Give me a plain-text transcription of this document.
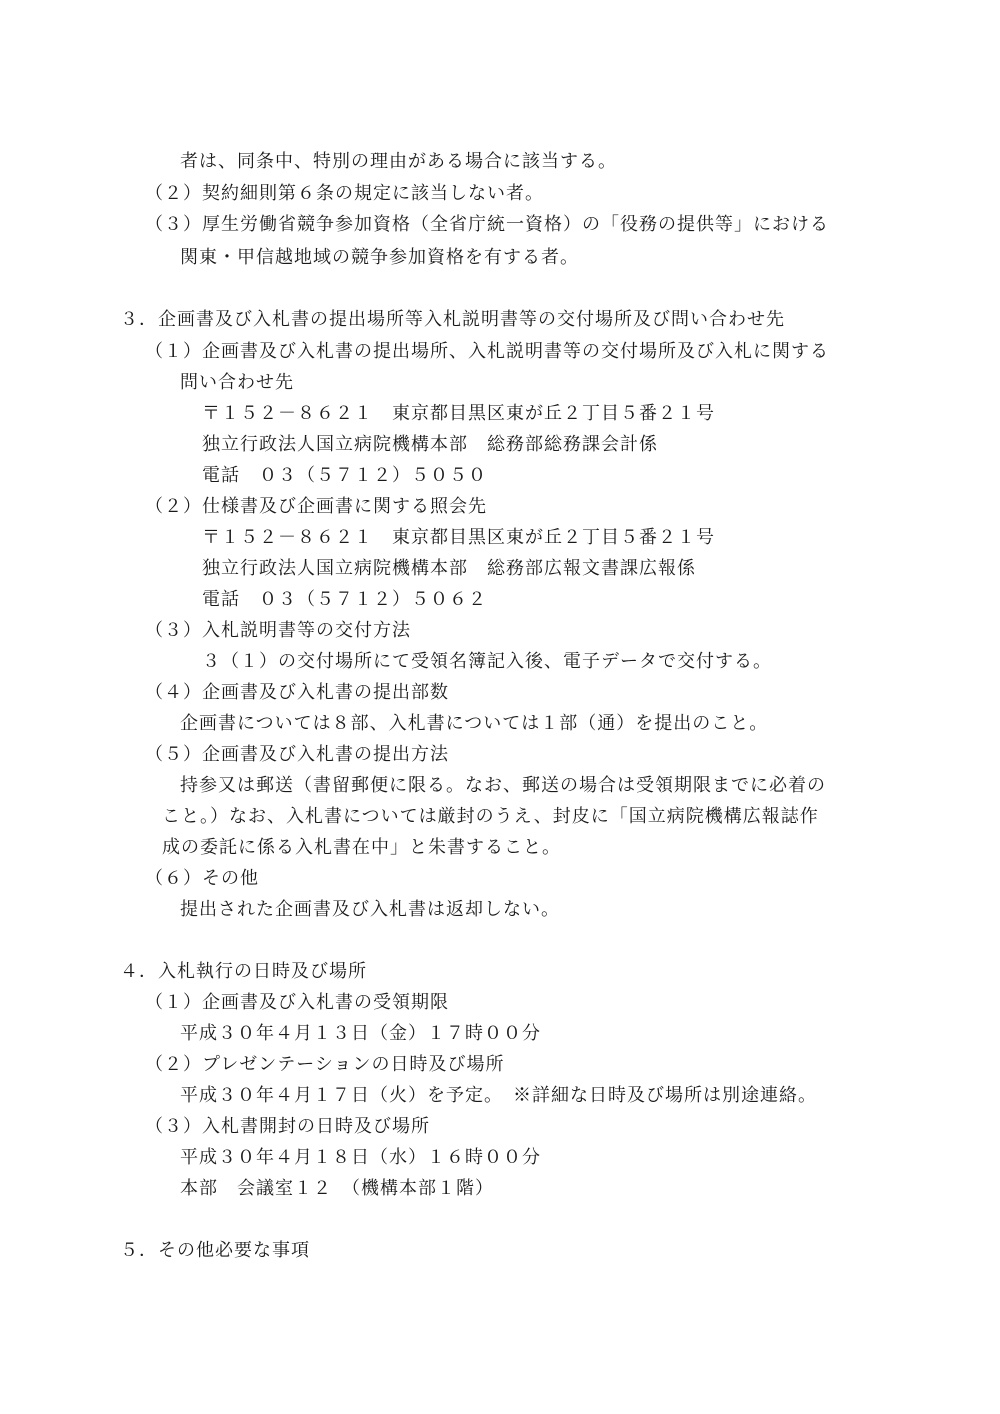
者は、同条中、特別の理由がある場合に該当する。
（２）契約細則第６条の規定に該当しない者。
（３）厚生労働省競争参加資格（全省庁統一資格）の「役務の提供等」における
関東・甲信越地域の競争参加資格を有する者。
３．企画書及び入札書の提出場所等入札説明書等の交付場所及び問い合わせ先
（１）企画書及び入札書の提出場所、入札説明書等の交付場所及び入札に関する
問い合わせ先
〒１５２－８６２１　東京都目黒区東が丘２丁目５番２１号
独立行政法人国立病院機構本部　総務部総務課会計係
電話　０３（５７１２）５０５０
（２）仕様書及び企画書に関する照会先
〒１５２－８６２１　東京都目黒区東が丘２丁目５番２１号
独立行政法人国立病院機構本部　総務部広報文書課広報係
電話　０３（５７１２）５０６２
（３）入札説明書等の交付方法
３（１）の交付場所にて受領名簿記入後、電子データで交付する。
（４）企画書及び入札書の提出部数
企画書については８部、入札書については１部（通）を提出のこと。
（５）企画書及び入札書の提出方法
持参又は郵送（書留郵便に限る。なお、郵送の場合は受領期限までに必着の
こと。）なお、入札書については厳封のうえ、封皮に「国立病院機構広報誌作
成の委託に係る入札書在中」と朱書すること。
（６）その他
提出された企画書及び入札書は返却しない。
４．入札執行の日時及び場所
（１）企画書及び入札書の受領期限
平成３０年４月１３日（金）１７時００分
（２）プレゼンテーションの日時及び場所
平成３０年４月１７日（火）を予定。　※詳細な日時及び場所は別途連絡。
（３）入札書開封の日時及び場所
平成３０年４月１８日（水）１６時００分
本部　会議室１２　（機構本部１階）
５．その他必要な事項
